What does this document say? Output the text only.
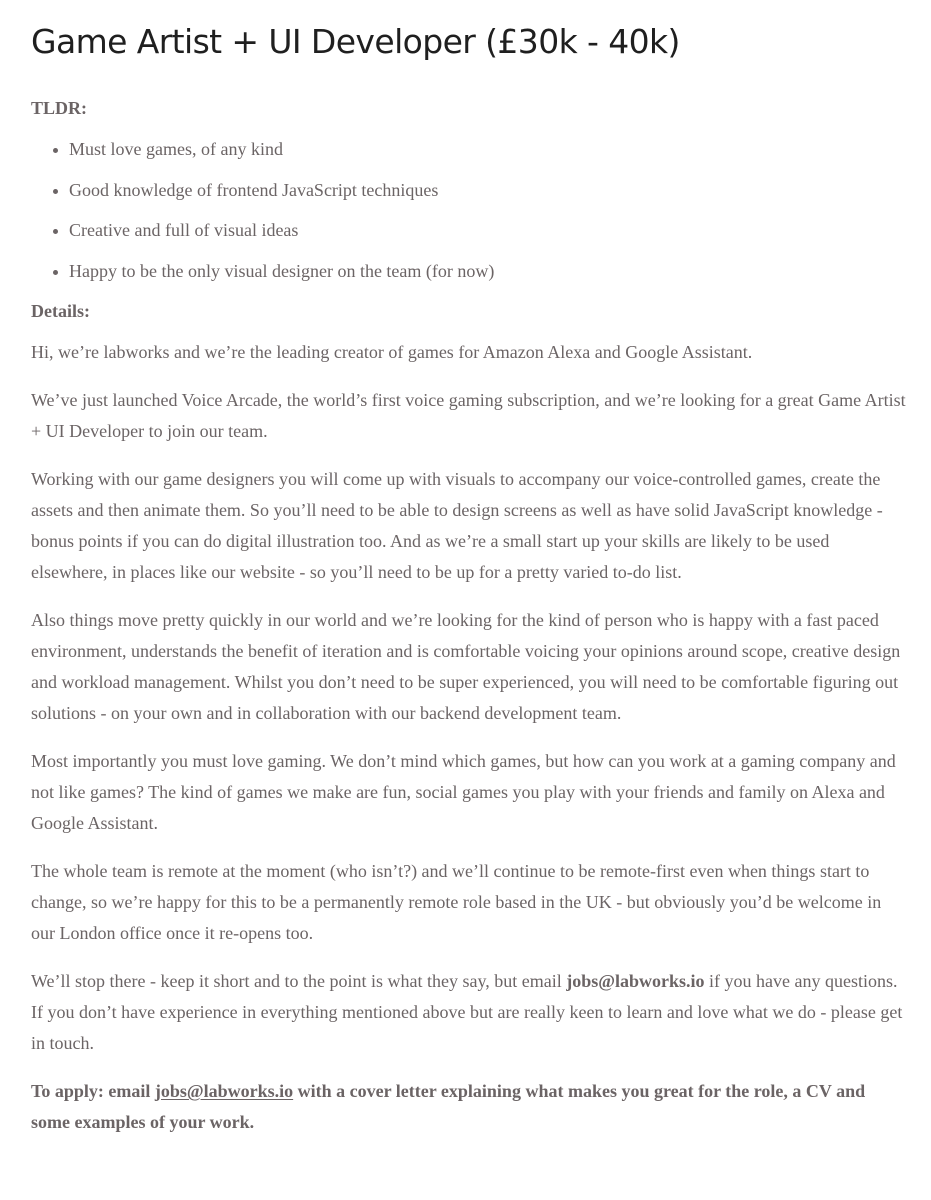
Game Artist + UI Developer (£30k - 40k)

TLDR:

Must love games, of any kind
Good knowledge of frontend JavaScript techniques
Creative and full of visual ideas
Happy to be the only visual designer on the team (for now)

Details:

Hi, we’re labworks and we’re the leading creator of games for Amazon Alexa and Google Assistant.

We’ve just launched Voice Arcade, the world’s first voice gaming subscription, and we’re looking for a great Game Artist + UI Developer to join our team.

Working with our game designers you will come up with visuals to accompany our voice-controlled games, create the assets and then animate them. So you’ll need to be able to design screens as well as have solid JavaScript knowledge - bonus points if you can do digital illustration too. And as we’re a small start up your skills are likely to be used elsewhere, in places like our website - so you’ll need to be up for a pretty varied to-do list.

Also things move pretty quickly in our world and we’re looking for the kind of person who is happy with a fast paced environment, understands the benefit of iteration and is comfortable voicing your opinions around scope, creative design and workload management. Whilst you don’t need to be super experienced, you will need to be comfortable figuring out solutions - on your own and in collaboration with our backend development team.

Most importantly you must love gaming. We don’t mind which games, but how can you work at a gaming company and not like games? The kind of games we make are fun, social games you play with your friends and family on Alexa and Google Assistant.

The whole team is remote at the moment (who isn’t?) and we’ll continue to be remote-first even when things start to change, so we’re happy for this to be a permanently remote role based in the UK - but obviously you’d be welcome in our London office once it re-opens too.

We’ll stop there - keep it short and to the point is what they say, but email jobs@labworks.io if you have any questions. If you don’t have experience in everything mentioned above but are really keen to learn and love what we do - please get in touch.

To apply: email jobs@labworks.io with a cover letter explaining what makes you great for the role, a CV and some examples of your work.
